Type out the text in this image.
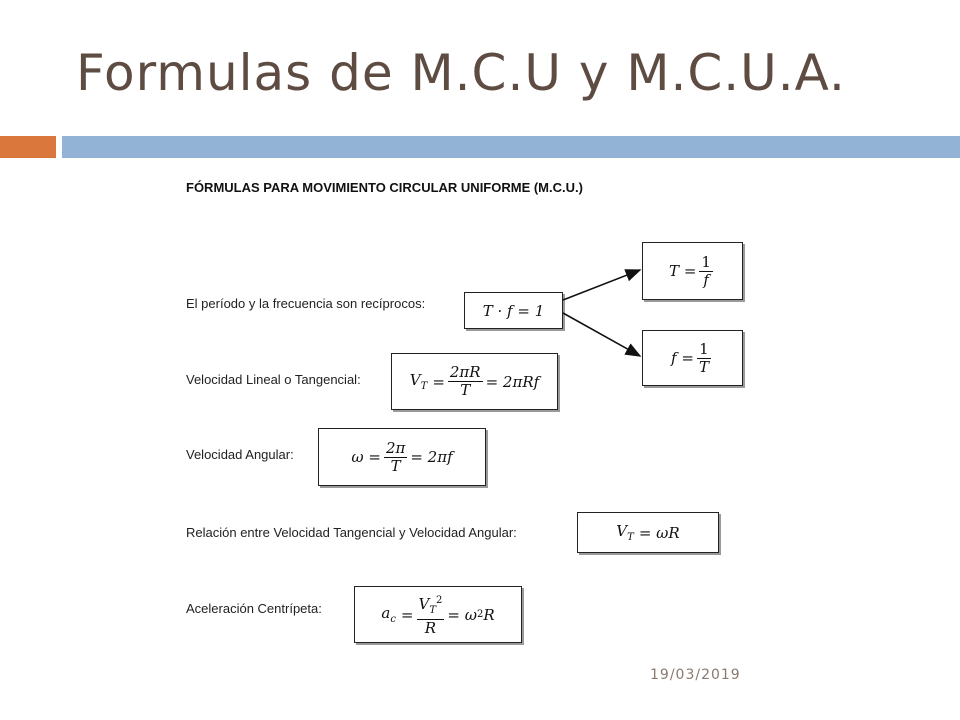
Formulas de M.C.U y M.C.U.A.
FÓRMULAS PARA MOVIMIENTO CIRCULAR UNIFORME (M.C.U.)
El período y la frecuencia son recíprocos:	T · f = 1
$T = \frac{1}{f}$
$f = \frac{1}{T}$
Velocidad Lineal o Tangencial:	$V_T = \frac{2\pi R}{T} = 2\pi Rf$
Velocidad Angular:	$\omega = \frac{2\pi}{T} = 2\pi f$
Relación entre Velocidad Tangencial y Velocidad Angular:	$V_T = \omega R$
Aceleración Centrípeta:	$a_c = \frac{V_T^2}{R} = \omega$ 2 R
19/03/2019
